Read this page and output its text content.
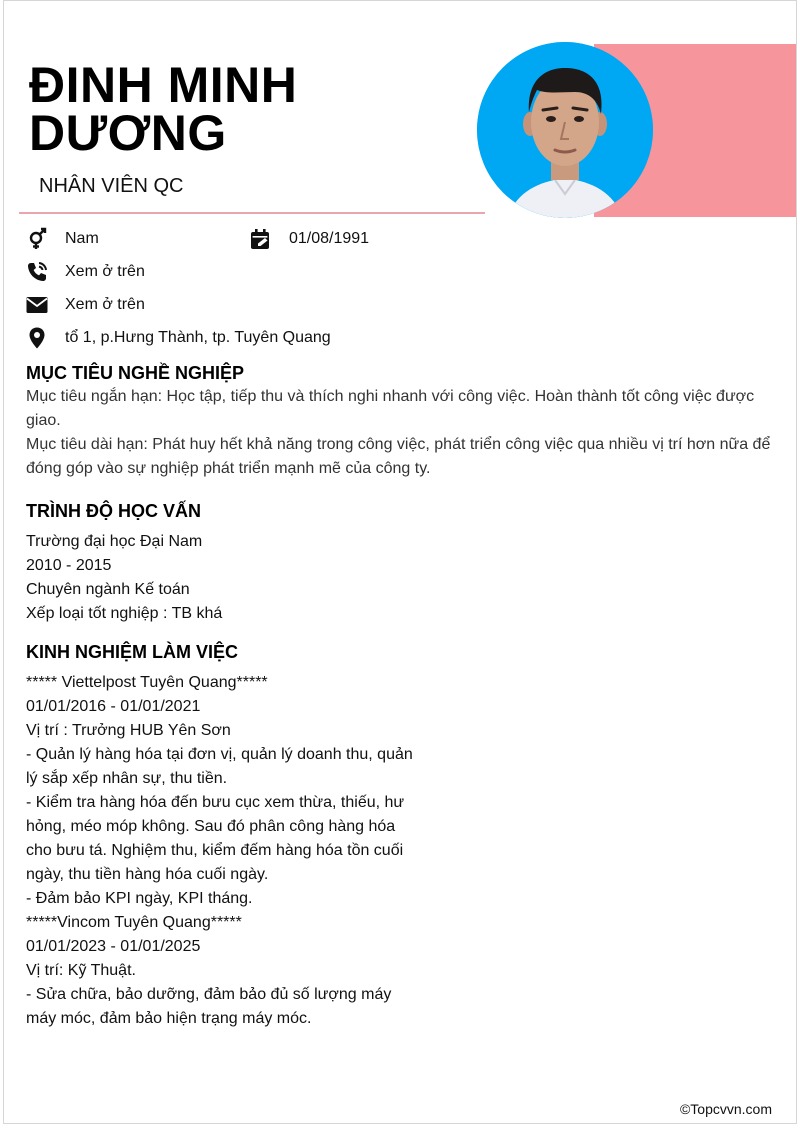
ĐINH MINH
DƯƠNG
NHÂN VIÊN QC
Nam	01/08/1991
Xem ở trên
Xem ở trên
tổ 1, p.Hưng Thành, tp. Tuyên Quang
MỤC TIÊU NGHỀ NGHIỆP
Mục tiêu ngắn hạn: Học tập, tiếp thu và thích nghi nhanh với công việc. Hoàn thành tốt công việc được giao.
Mục tiêu dài hạn: Phát huy hết khả năng trong công việc, phát triển công việc qua nhiều vị trí hơn nữa để đóng góp vào sự nghiệp phát triển mạnh mẽ của công ty.
TRÌNH ĐỘ HỌC VẤN
Trường đại học Đại Nam
2010 - 2015
Chuyên ngành Kế toán
Xếp loại tốt nghiệp : TB khá
KINH NGHIỆM LÀM VIỆC
***** Viettelpost Tuyên Quang*****
01/01/2016 - 01/01/2021
Vị trí : Trưởng HUB Yên Sơn
- Quản lý hàng hóa tại đơn vị, quản lý doanh thu, quản
lý sắp xếp nhân sự, thu tiền.
- Kiểm tra hàng hóa đến bưu cục xem thừa, thiếu, hư
hỏng, méo móp không. Sau đó phân công hàng hóa
cho bưu tá. Nghiệm thu, kiểm đếm hàng hóa tồn cuối
ngày, thu tiền hàng hóa cuối ngày.
- Đảm bảo KPI ngày, KPI tháng.
*****Vincom Tuyên Quang*****
01/01/2023 - 01/01/2025
Vị trí: Kỹ Thuật.
- Sửa chữa, bảo dưỡng, đảm bảo đủ số lượng máy
máy móc, đảm bảo hiện trạng máy móc.
©Topcvvn.com
